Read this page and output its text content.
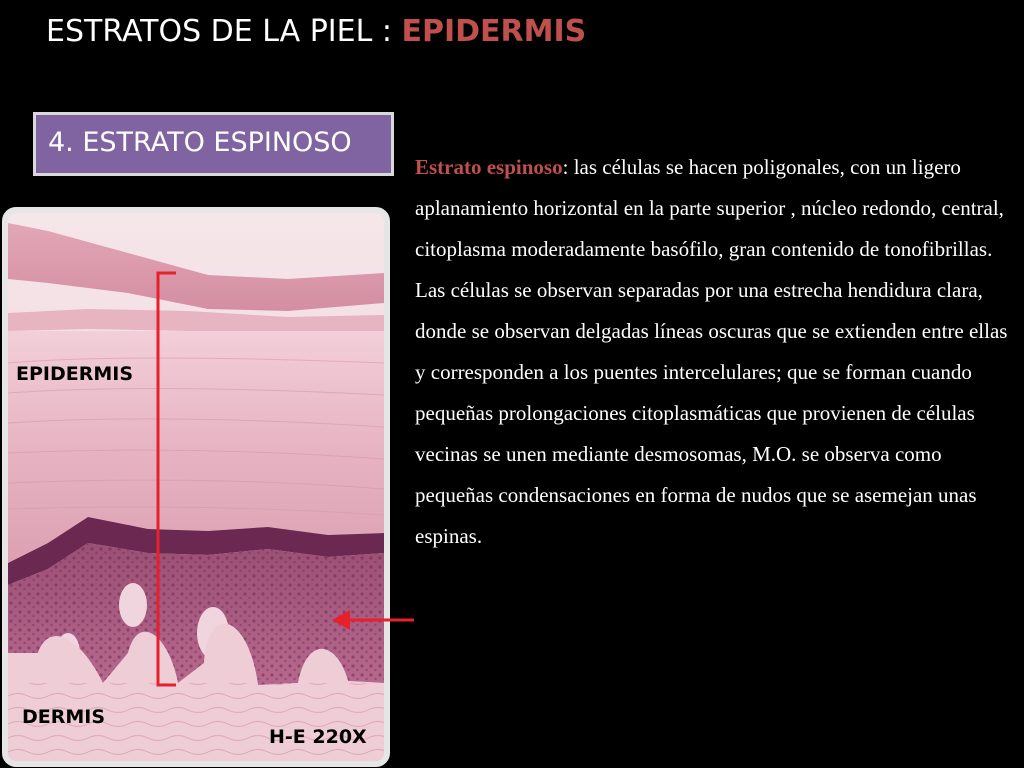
ESTRATOS DE LA PIEL : EPIDERMIS
4. ESTRATO ESPINOSO
EPIDERMIS
DERMIS
H-E 220X
Estrato espinoso: las células se hacen poligonales, con un ligero aplanamiento horizontal en la parte superior , núcleo redondo, central, citoplasma moderadamente basófilo, gran contenido de tonofibrillas.
Las células se observan separadas por una estrecha hendidura clara, donde se observan delgadas líneas oscuras que se extienden entre ellas y corresponden a los puentes intercelulares; que se forman cuando pequeñas prolongaciones citoplasmáticas que provienen de células vecinas se unen mediante desmosomas, M.O. se observa como pequeñas condensaciones en forma de nudos que se asemejan unas espinas.
